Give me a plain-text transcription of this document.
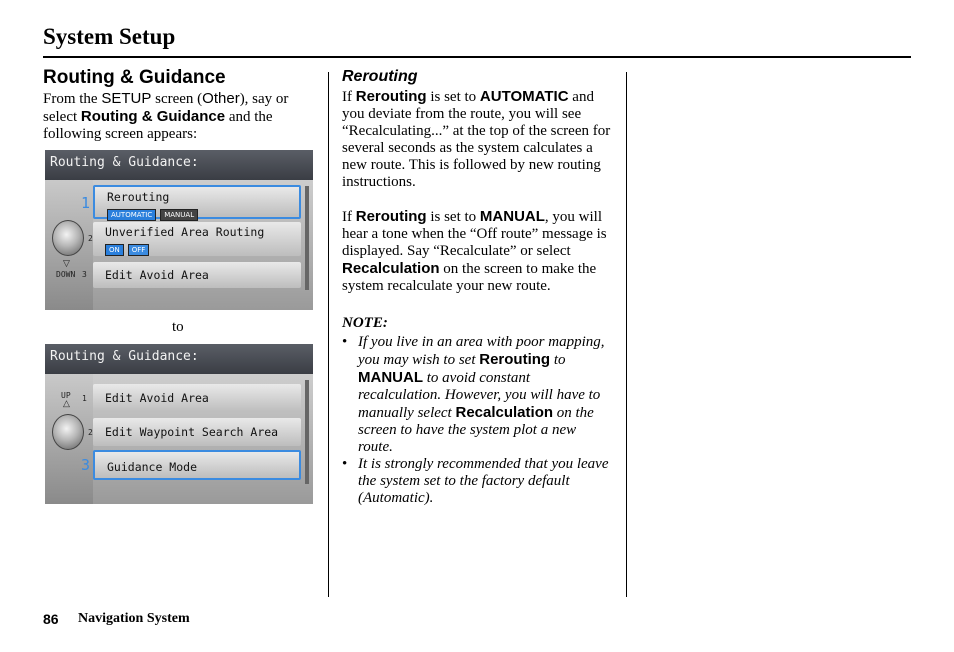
System Setup
Routing & Guidance

From the SETUP screen (Other), say or select Routing & Guidance and the following screen appears:

Routing & Guidance:
1
2
▽
DOWN 3
Rerouting
AUTOMATIC MANUAL
Unverified Area Routing
ON OFF
Edit Avoid Area
to
Routing & Guidance:
UP
△ 1
2
3
Edit Avoid Area
Edit Waypoint Search Area
Guidance Mode
Rerouting

If Rerouting is set to AUTOMATIC and you deviate from the route, you will see “Recalculating...” at the top of the screen for several seconds as the system calculates a new route. This is followed by new routing instructions.

If Rerouting is set to MANUAL, you will hear a tone when the “Off route” message is displayed. Say “Recalculate” or select Recalculation on the screen to make the system recalculate your new route.

NOTE:

• If you live in an area with poor mapping, you may wish to set Rerouting to MANUAL to avoid constant recalculation. However, you will have to manually select Recalculation on the screen to have the system plot a new route.
• It is strongly recommended that you leave the system set to the factory default (Automatic).
86 Navigation System
